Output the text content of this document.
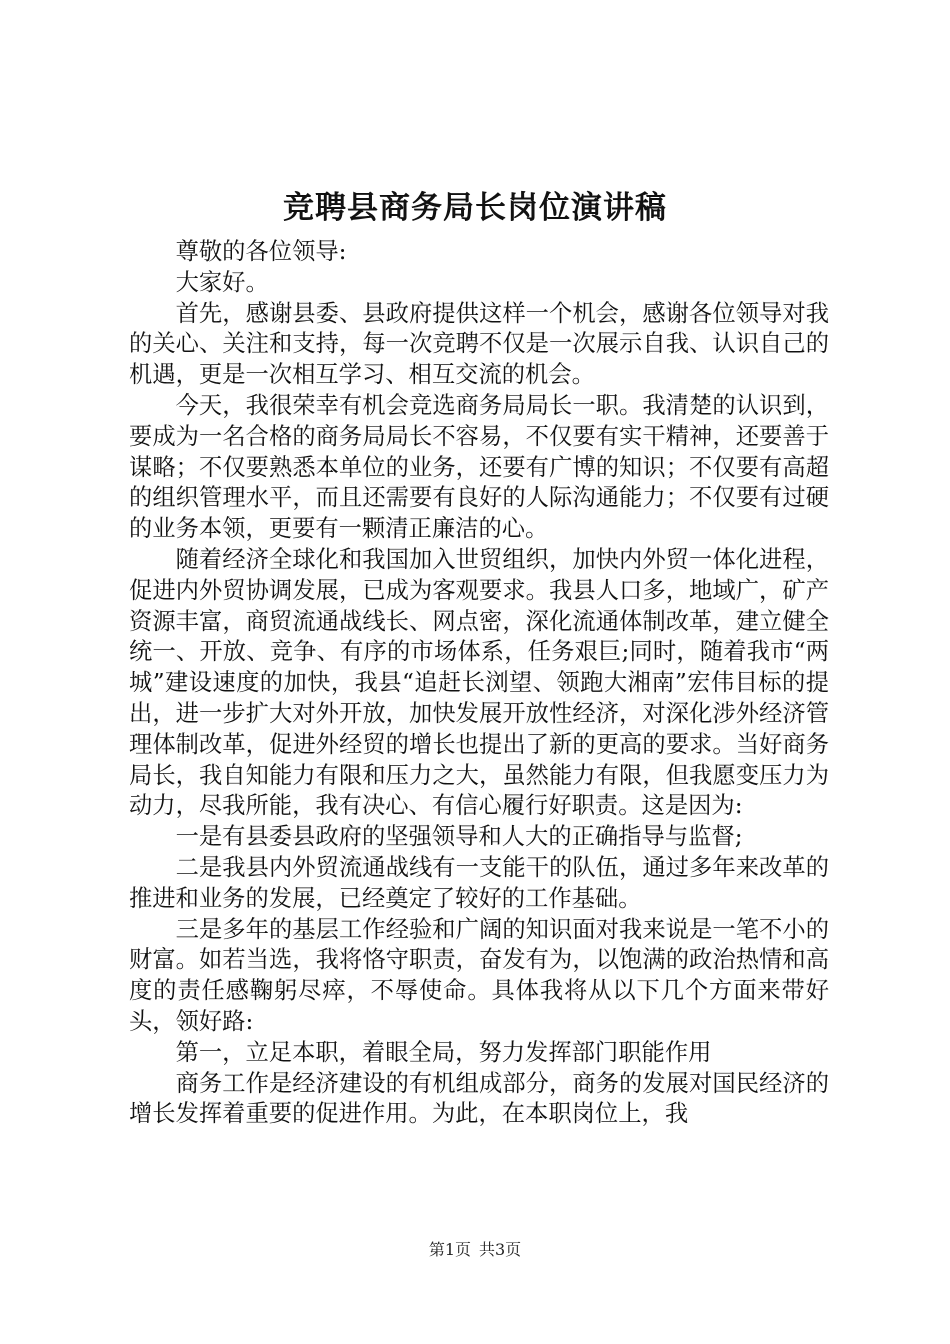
竞聘县商务局长岗位演讲稿

尊敬的各位领导:

大家好。

首先，感谢县委、县政府提供这样一个机会，感谢各位领导对我的关心、关注和支持，每一次竞聘不仅是一次展示自我、认识自己的机遇，更是一次相互学习、相互交流的机会。

今天，我很荣幸有机会竞选商务局局长一职。我清楚的认识到，要成为一名合格的商务局局长不容易，不仅要有实干精神，还要善于谋略；不仅要熟悉本单位的业务，还要有广博的知识；不仅要有高超的组织管理水平，而且还需要有良好的人际沟通能力；不仅要有过硬的业务本领，更要有一颗清正廉洁的心。

随着经济全球化和我国加入世贸组织，加快内外贸一体化进程，促进内外贸协调发展，已成为客观要求。我县人口多，地域广，矿产资源丰富，商贸流通战线长、网点密，深化流通体制改革，建立健全统一、开放、竞争、有序的市场体系，任务艰巨;同时，随着我市“两城”建设速度的加快，我县“追赶长浏望、领跑大湘南”宏伟目标的提出，进一步扩大对外开放，加快发展开放性经济，对深化涉外经济管理体制改革，促进外经贸的增长也提出了新的更高的要求。当好商务局长，我自知能力有限和压力之大，虽然能力有限，但我愿变压力为动力，尽我所能，我有决心、有信心履行好职责。这是因为:

一是有县委县政府的坚强领导和人大的正确指导与监督;

二是我县内外贸流通战线有一支能干的队伍，通过多年来改革的推进和业务的发展，已经奠定了较好的工作基础。

三是多年的基层工作经验和广阔的知识面对我来说是一笔不小的财富。如若当选，我将恪守职责，奋发有为，以饱满的政治热情和高度的责任感鞠躬尽瘁，不辱使命。具体我将从以下几个方面来带好头，领好路:

第一，立足本职，着眼全局，努力发挥部门职能作用

商务工作是经济建设的有机组成部分，商务的发展对国民经济的增长发挥着重要的促进作用。为此，在本职岗位上，我

第1页 共3页
